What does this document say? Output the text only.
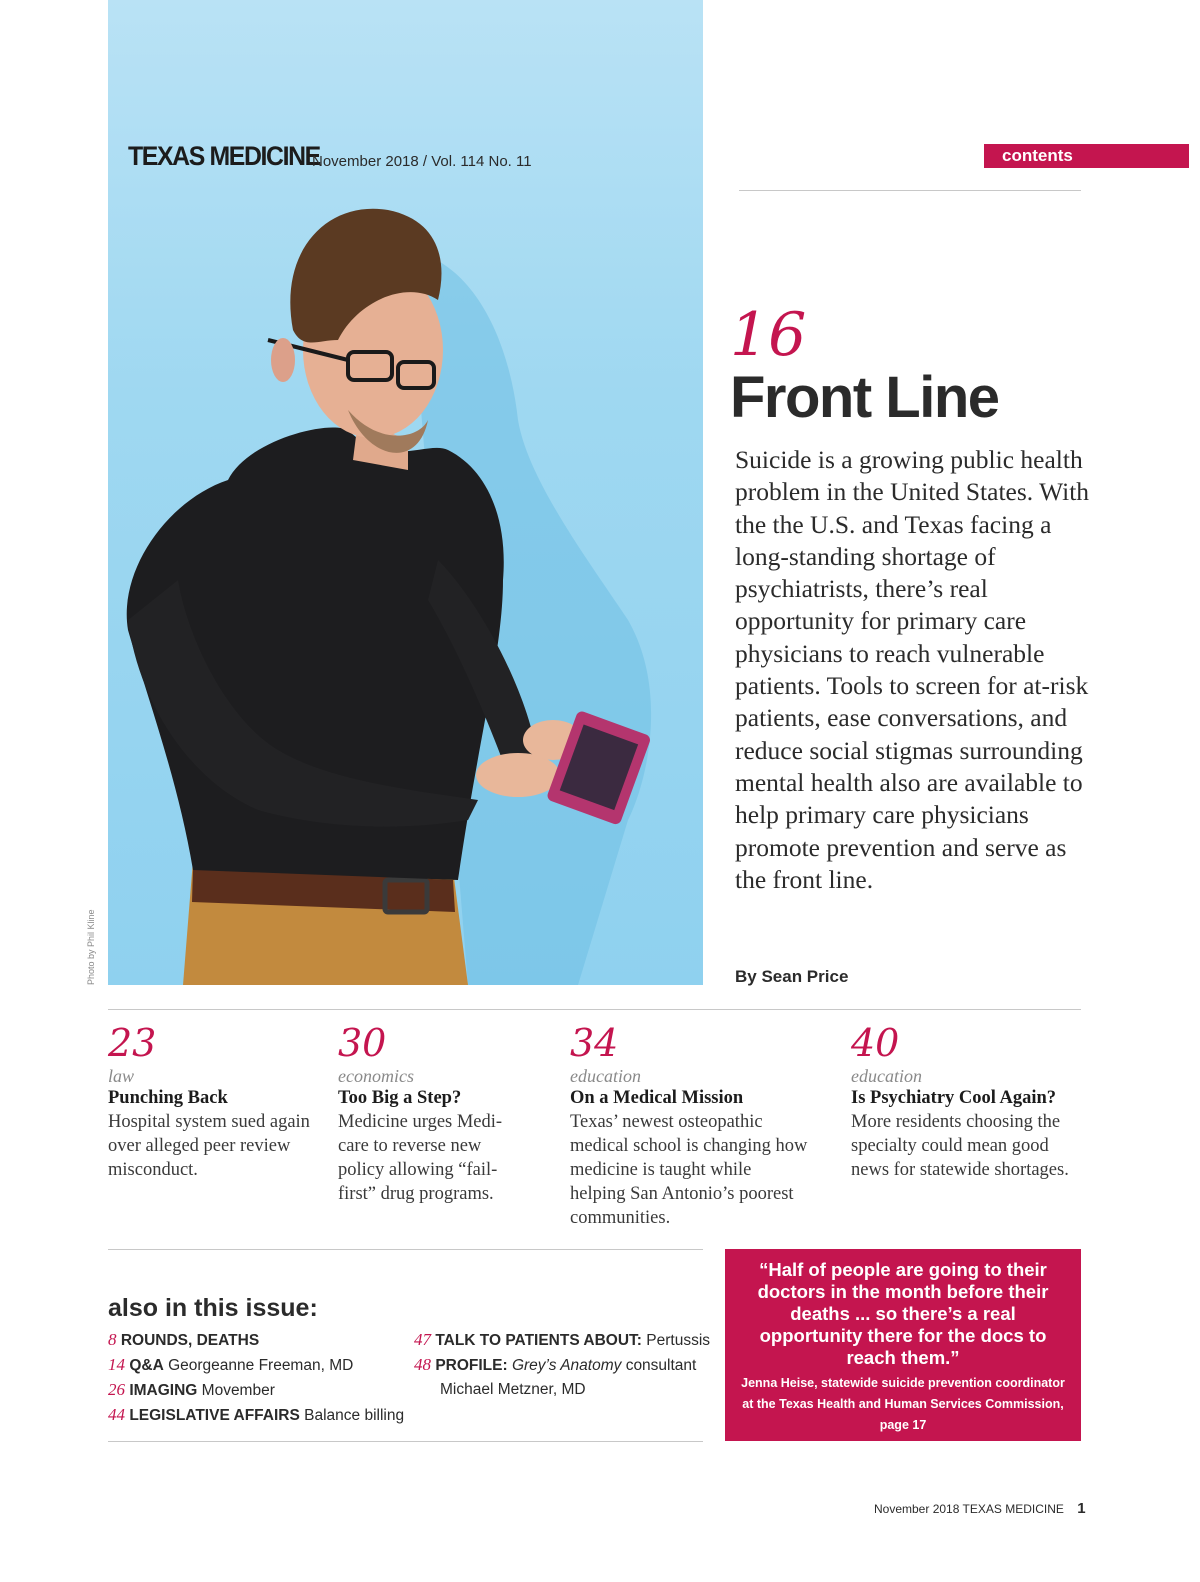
TEXAS MEDICINE
November 2018 / Vol. 114 No. 11
Photo by Phil Kline
contents
16
Front Line
Suicide is a growing public health problem in the United States. With the the U.S. and Texas facing a long-standing shortage of psychiatrists, there’s real opportunity for primary care physicians to reach vulnerable patients. Tools to screen for at-risk patients, ease conversations, and reduce social stigmas surrounding mental health also are available to help primary care physicians promote prevention and serve as the front line.
By Sean Price
23
law
Punching Back
Hospital system sued again over alleged peer review misconduct.
30
economics
Too Big a Step?
Medicine urges Medi-care to reverse new policy allowing “fail-first” drug programs.
34
education
On a Medical Mission
Texas’ newest osteopathic medical school is changing how medicine is taught while helping San Antonio’s poorest communities.
40
education
Is Psychiatry Cool Again?
More residents choosing the specialty could mean good news for statewide shortages.
also in this issue:
8 ROUNDS, DEATHS
14 Q&A Georgeanne Freeman, MD
26 IMAGING Movember
44 LEGISLATIVE AFFAIRS Balance billing
47 TALK TO PATIENTS ABOUT: Pertussis
48 PROFILE: Grey’s Anatomy consultant
Michael Metzner, MD
“Half of people are going to their doctors in the month before their deaths ... so there’s a real opportunity there for the docs to reach them.”
Jenna Heise, statewide suicide prevention coordinator at the Texas Health and Human Services Commission, page 17
November 2018 TEXAS MEDICINE 1
